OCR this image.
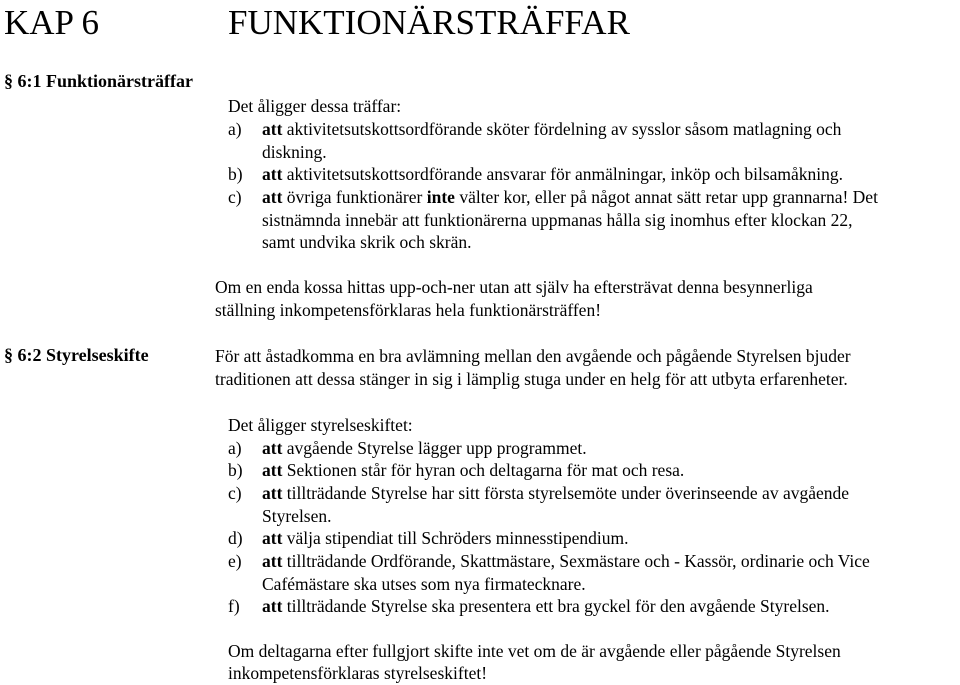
KAP 6	FUNKTIONÄRSTRÄFFAR
§ 6:1 Funktionärsträffar
Det åligger dessa träffar:
a) att aktivitetsutskottsordförande sköter fördelning av sysslor såsom matlagning och
diskning.
b) att aktivitetsutskottsordförande ansvarar för anmälningar, inköp och bilsamåkning.
c) att övriga funktionärer inte välter kor, eller på något annat sätt retar upp grannarna! Det
sistnämnda innebär att funktionärerna uppmanas hålla sig inomhus efter klockan 22,
samt undvika skrik och skrän.
Om en enda kossa hittas upp-och-ner utan att själv ha eftersträvat denna besynnerliga
ställning inkompetensförklaras hela funktionärsträffen!
§ 6:2 Styrelseskifte	För att åstadkomma en bra avlämning mellan den avgående och pågående Styrelsen bjuder
traditionen att dessa stänger in sig i lämplig stuga under en helg för att utbyta erfarenheter.
Det åligger styrelseskiftet:
a) att avgående Styrelse lägger upp programmet.
b) att Sektionen står för hyran och deltagarna för mat och resa.
c) att tillträdande Styrelse har sitt första styrelsemöte under överinseende av avgående
Styrelsen.
d) att välja stipendiat till Schröders minnesstipendium.
e) att tillträdande Ordförande, Skattmästare, Sexmästare och - Kassör, ordinarie och Vice
Cafémästare ska utses som nya firmatecknare.
f) att tillträdande Styrelse ska presentera ett bra gyckel för den avgående Styrelsen.
Om deltagarna efter fullgjort skifte inte vet om de är avgående eller pågående Styrelsen
inkompetensförklaras styrelseskiftet!
